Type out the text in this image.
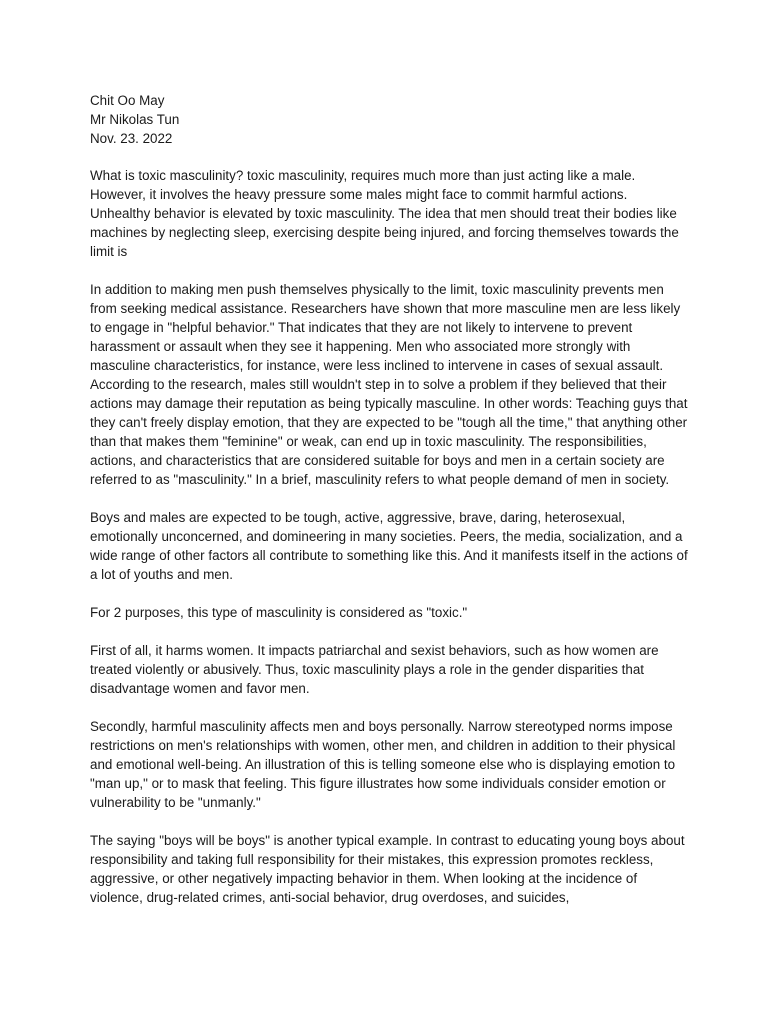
Chit Oo May

Mr Nikolas Tun

Nov. 23. 2022

What is toxic masculinity? toxic masculinity, requires much more than just acting like a male. However, it involves the heavy pressure some males might face to commit harmful actions. Unhealthy behavior is elevated by toxic masculinity. The idea that men should treat their bodies like machines by neglecting sleep, exercising despite being injured, and forcing themselves towards the limit is

In addition to making men push themselves physically to the limit, toxic masculinity prevents men from seeking medical assistance. Researchers have shown that more masculine men are less likely to engage in "helpful behavior." That indicates that they are not likely to intervene to prevent harassment or assault when they see it happening. Men who associated more strongly with masculine characteristics, for instance, were less inclined to intervene in cases of sexual assault. According to the research, males still wouldn't step in to solve a problem if they believed that their actions may damage their reputation as being typically masculine. In other words: Teaching guys that they can't freely display emotion, that they are expected to be "tough all the time," that anything other than that makes them "feminine" or weak, can end up in toxic masculinity. The responsibilities, actions, and characteristics that are considered suitable for boys and men in a certain society are referred to as "masculinity." In a brief, masculinity refers to what people demand of men in society.

Boys and males are expected to be tough, active, aggressive, brave, daring, heterosexual, emotionally unconcerned, and domineering in many societies. Peers, the media, socialization, and a wide range of other factors all contribute to something like this. And it manifests itself in the actions of a lot of youths and men.

For 2 purposes, this type of masculinity is considered as "toxic."

First of all, it harms women. It impacts patriarchal and sexist behaviors, such as how women are treated violently or abusively. Thus, toxic masculinity plays a role in the gender disparities that disadvantage women and favor men.

Secondly, harmful masculinity affects men and boys personally. Narrow stereotyped norms impose restrictions on men's relationships with women, other men, and children in addition to their physical and emotional well-being. An illustration of this is telling someone else who is displaying emotion to "man up," or to mask that feeling. This figure illustrates how some individuals consider emotion or vulnerability to be "unmanly."

The saying "boys will be boys" is another typical example. In contrast to educating young boys about responsibility and taking full responsibility for their mistakes, this expression promotes reckless, aggressive, or other negatively impacting behavior in them. When looking at the incidence of violence, drug-related crimes, anti-social behavior, drug overdoses, and suicides,
